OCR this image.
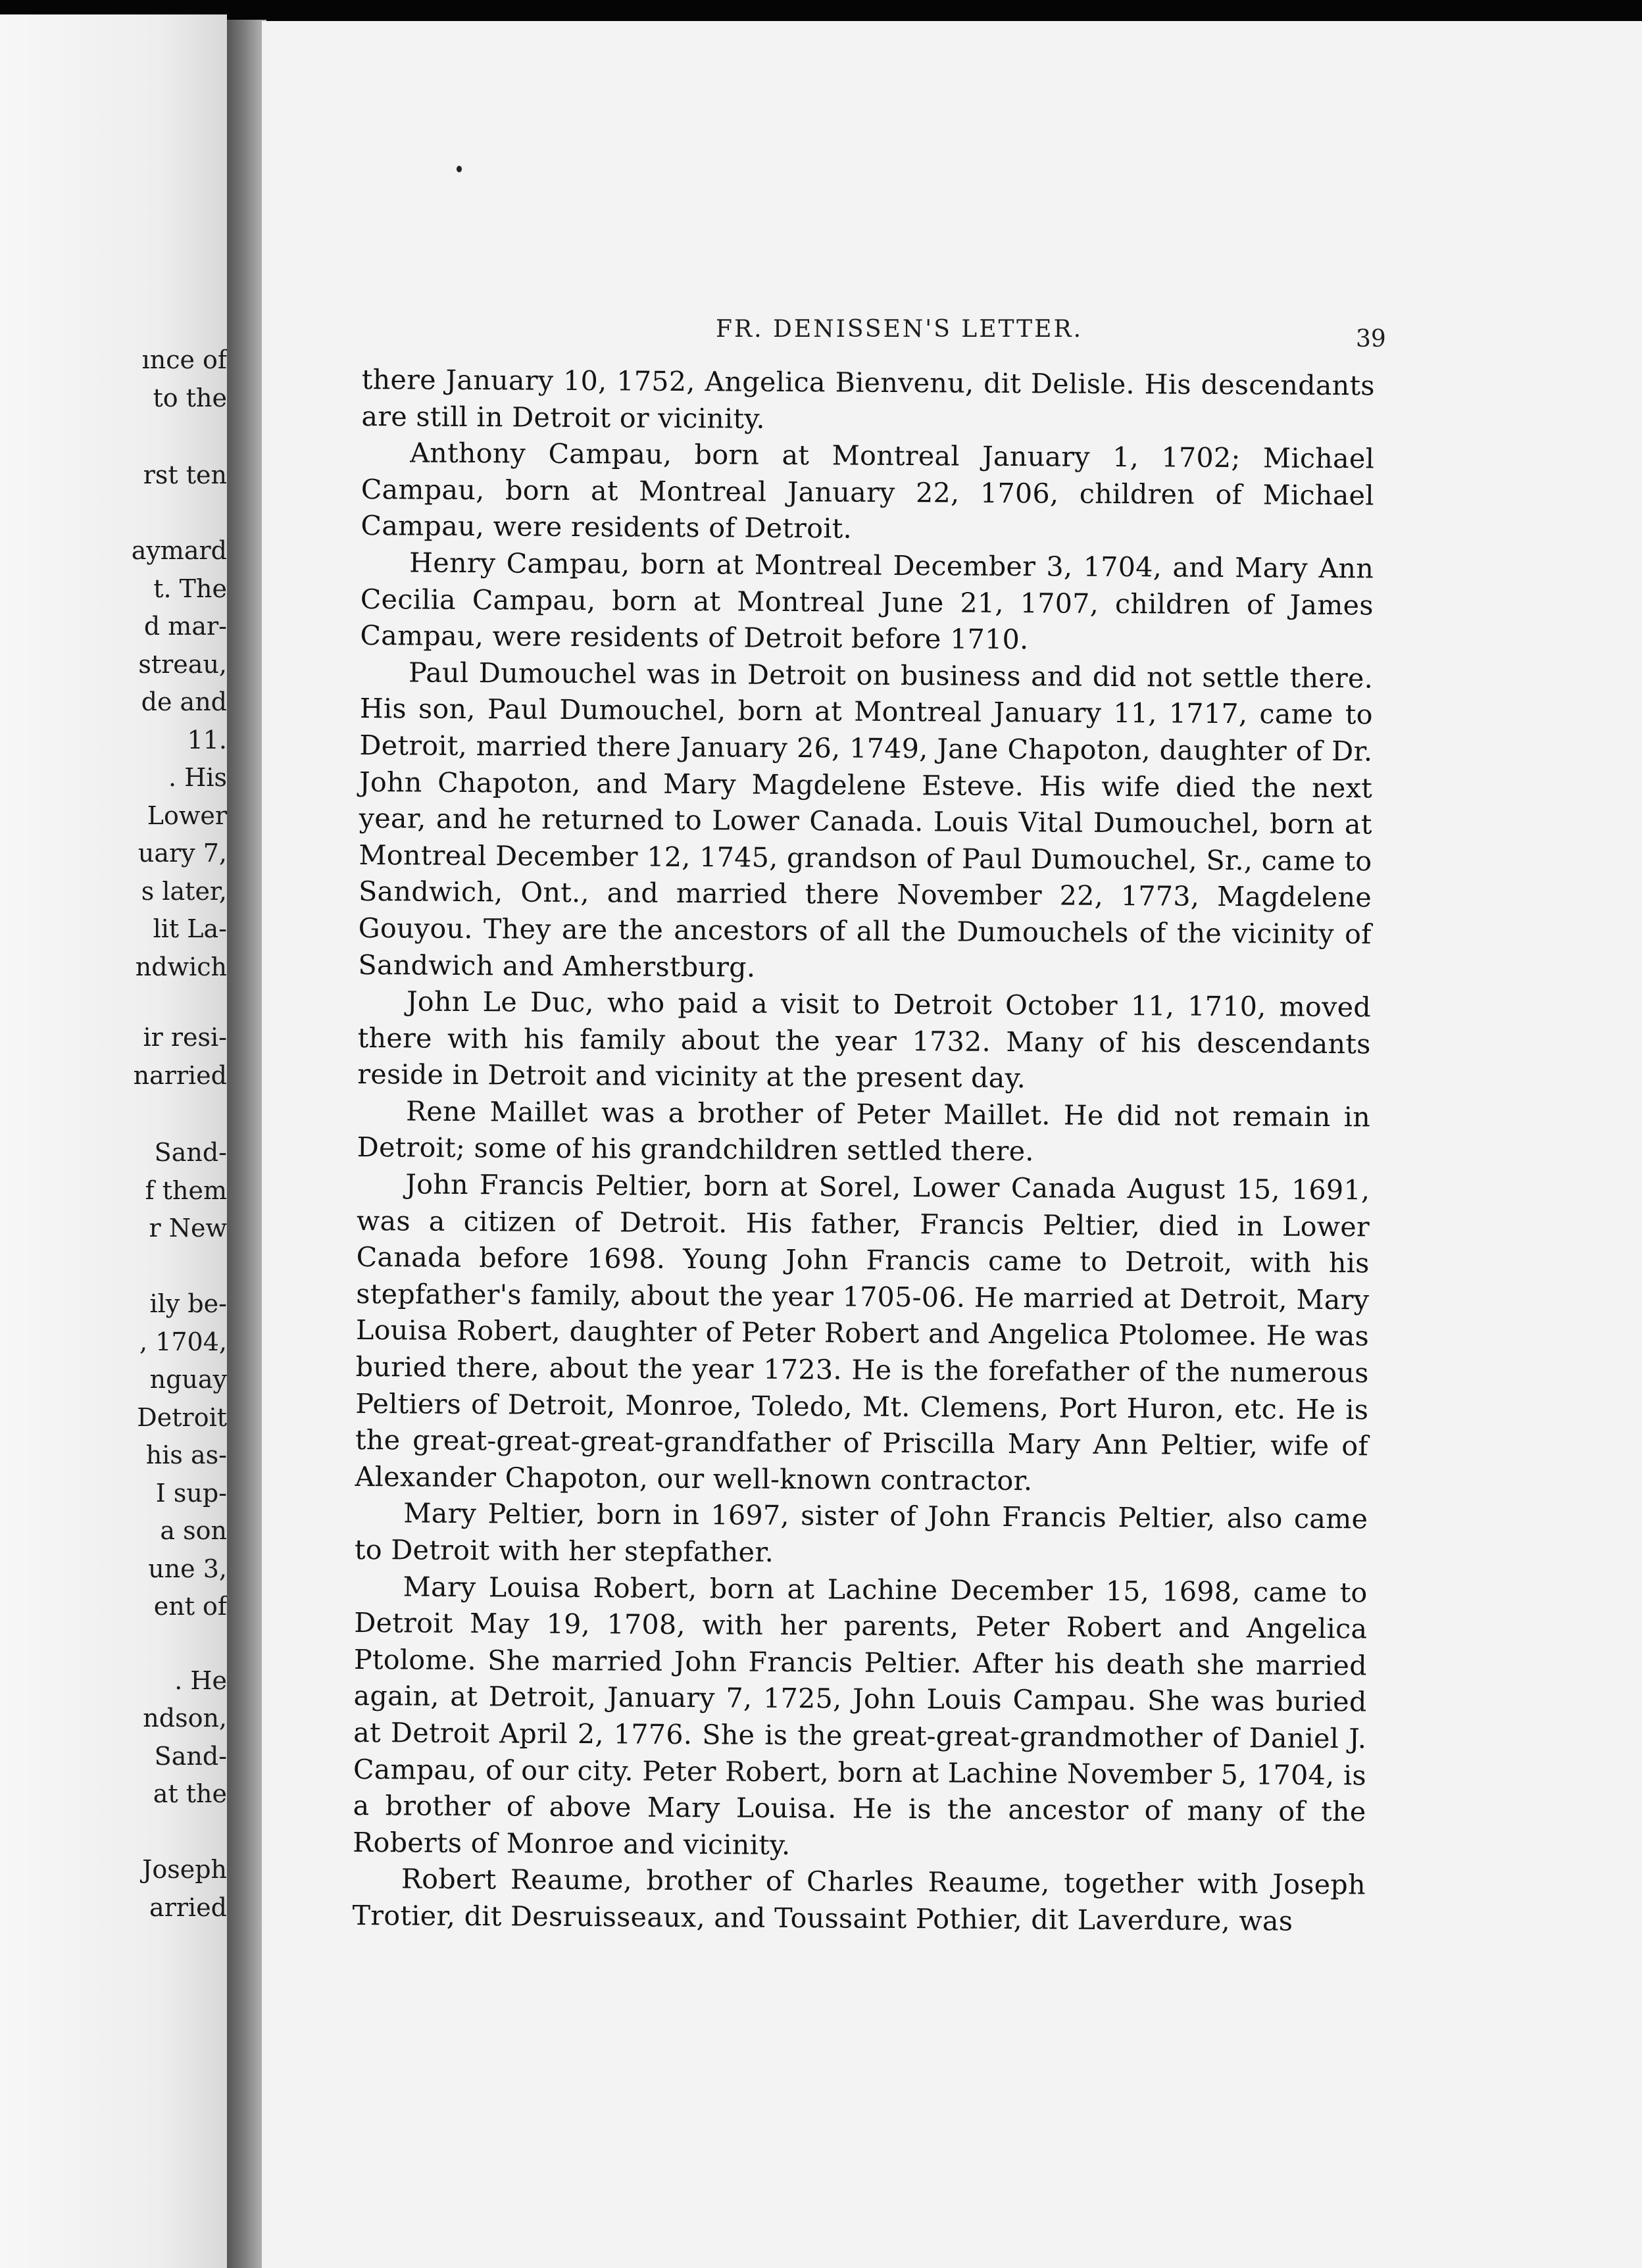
ınce of
to the
rst ten
aymard
t. The
d mar-
streau,
de and
11.
. His
Lower
uary 7,
s later,
lit La-
ndwich
ir resi-
narried
Sand-
f them
r New
ily be-
, 1704,
nguay
Detroit
his as-
I sup-
a son
une 3,
ent of
. He
ndson,
Sand-
at the
Joseph
arried
FR. DENISSEN'S LETTER.	39

there January 10, 1752, Angelica Bienvenu, dit Delisle. His descendants are still in Detroit or vicinity.

Anthony Campau, born at Montreal January 1, 1702; Michael Campau, born at Montreal January 22, 1706, children of Michael Campau, were residents of Detroit.

Henry Campau, born at Montreal December 3, 1704, and Mary Ann Cecilia Campau, born at Montreal June 21, 1707, children of James Campau, were residents of Detroit before 1710.

Paul Dumouchel was in Detroit on business and did not settle there. His son, Paul Dumouchel, born at Montreal January 11, 1717, came to Detroit, married there January 26, 1749, Jane Chapoton, daughter of Dr. John Chapoton, and Mary Magdelene Esteve. His wife died the next year, and he returned to Lower Canada. Louis Vital Dumouchel, born at Montreal December 12, 1745, grandson of Paul Dumouchel, Sr., came to Sandwich, Ont., and married there November 22, 1773, Magdelene Gouyou. They are the ancestors of all the Dumouchels of the vicinity of Sandwich and Amherstburg.

John Le Duc, who paid a visit to Detroit October 11, 1710, moved there with his family about the year 1732. Many of his descendants reside in Detroit and vicinity at the present day.

Rene Maillet was a brother of Peter Maillet. He did not remain in Detroit; some of his grandchildren settled there.

John Francis Peltier, born at Sorel, Lower Canada August 15, 1691, was a citizen of Detroit. His father, Francis Peltier, died in Lower Canada before 1698. Young John Francis came to Detroit, with his stepfather's family, about the year 1705-06. He married at Detroit, Mary Louisa Robert, daughter of Peter Robert and Angelica Ptolomee. He was buried there, about the year 1723. He is the forefather of the numerous Peltiers of Detroit, Monroe, Toledo, Mt. Clemens, Port Huron, etc. He is the great-great-great-grandfather of Priscilla Mary Ann Peltier, wife of Alexander Chapoton, our well-known contractor.

Mary Peltier, born in 1697, sister of John Francis Peltier, also came to Detroit with her stepfather.

Mary Louisa Robert, born at Lachine December 15, 1698, came to Detroit May 19, 1708, with her parents, Peter Robert and Angelica Ptolome. She married John Francis Peltier. After his death she married again, at Detroit, January 7, 1725, John Louis Campau. She was buried at Detroit April 2, 1776. She is the great-great-grandmother of Daniel J. Campau, of our city. Peter Robert, born at Lachine November 5, 1704, is a brother of above Mary Louisa. He is the ancestor of many of the Roberts of Monroe and vicinity.

Robert Reaume, brother of Charles Reaume, together with Joseph Trotier, dit Desruisseaux, and Toussaint Pothier, dit Laverdure, was
